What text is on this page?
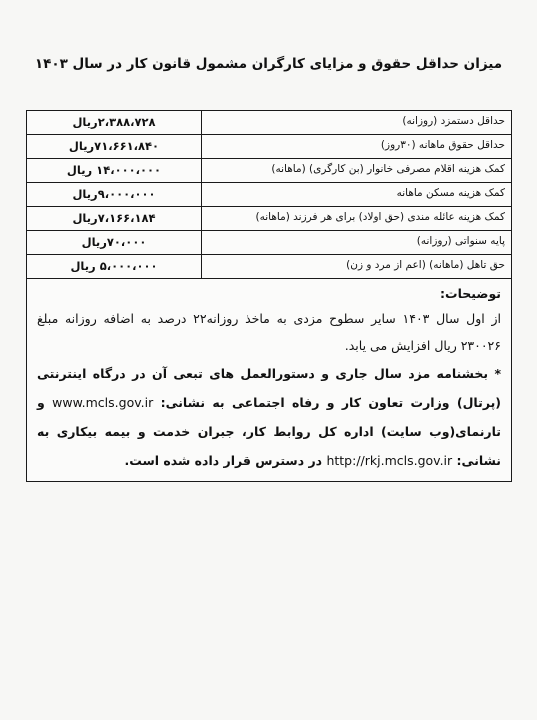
میزان حداقل حقوق و مزایای کارگران مشمول قانون کار در سال ۱۴۰۳
حداقل دستمزد (روزانه)
۲،۳۸۸،۷۲۸ریال
حداقل حقوق ماهانه (۳۰روز)
۷۱،۶۶۱،۸۴۰ریال
کمک هزینه اقلام مصرفی خانوار (بن کارگری) (ماهانه)
۱۴،۰۰۰،۰۰۰ ریال
کمک هزینه مسکن ماهانه
۹،۰۰۰،۰۰۰ریال
کمک هزینه عائله مندی (حق اولاد) برای هر فرزند (ماهانه)
۷،۱۶۶،۱۸۴ریال
پایه سنواتی (روزانه)
۷۰،۰۰۰ریال
حق تاهل (ماهانه) (اعم از مرد و زن)
۵،۰۰۰،۰۰۰ ریال
توضیحات:
از اول سال ۱۴۰۳ سایر سطوح مزدی به ماخذ روزانه۲۲ درصد به اضافه روزانه مبلغ ۲۳۰۰۲۶ ریال افزایش می یابد.
* بخشنامه مزد سال جاری و دستورالعمل های تبعی آن در درگاه اینترنتی (پرتال) وزارت تعاون کار و رفاه اجتماعی به نشانی: www.mcls.gov.ir و تارنمای(وب سایت) اداره کل روابط کار، جبران خدمت و بیمه بیکاری به نشانی: http://rkj.mcls.gov.ir در دسترس قرار داده شده است.
